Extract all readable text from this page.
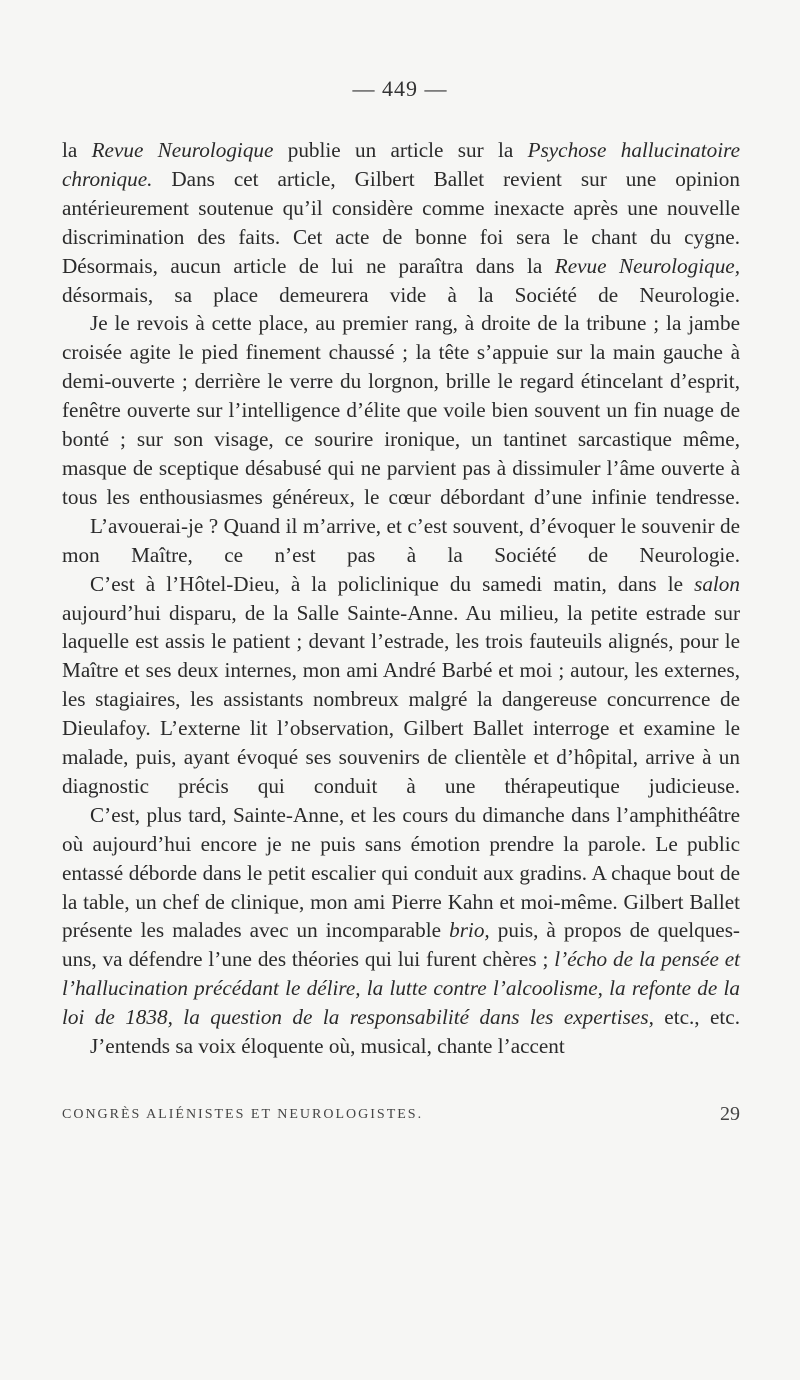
— 449 —

la Revue Neurologique publie un article sur la Psychose hallucinatoire chronique. Dans cet article, Gilbert Ballet revient sur une opinion antérieurement soutenue qu’il considère comme inexacte après une nouvelle discrimination des faits. Cet acte de bonne foi sera le chant du cygne. Désormais, aucun article de lui ne paraîtra dans la Revue Neurologique, désormais, sa place demeurera vide à la Société de Neurologie.

Je le revois à cette place, au premier rang, à droite de la tribune ; la jambe croisée agite le pied finement chaussé ; la tête s’appuie sur la main gauche à demi-ouverte ; derrière le verre du lorgnon, brille le regard étincelant d’esprit, fenêtre ouverte sur l’intelligence d’élite que voile bien souvent un fin nuage de bonté ; sur son visage, ce sourire ironique, un tantinet sarcastique même, masque de sceptique désabusé qui ne parvient pas à dissimuler l’âme ouverte à tous les enthousiasmes généreux, le cœur débordant d’une infinie tendresse.

L’avouerai-je ? Quand il m’arrive, et c’est souvent, d’évoquer le souvenir de mon Maître, ce n’est pas à la Société de Neurologie.

C’est à l’Hôtel-Dieu, à la policlinique du samedi matin, dans le salon aujourd’hui disparu, de la Salle Sainte-Anne. Au milieu, la petite estrade sur laquelle est assis le patient ; devant l’estrade, les trois fauteuils alignés, pour le Maître et ses deux internes, mon ami André Barbé et moi ; autour, les externes, les stagiaires, les assistants nombreux malgré la dangereuse concurrence de Dieulafoy. L’externe lit l’observation, Gilbert Ballet interroge et examine le malade, puis, ayant évoqué ses souvenirs de clientèle et d’hôpital, arrive à un diagnostic précis qui conduit à une thérapeutique judicieuse.

C’est, plus tard, Sainte-Anne, et les cours du dimanche dans l’amphithéâtre où aujourd’hui encore je ne puis sans émotion prendre la parole. Le public entassé déborde dans le petit escalier qui conduit aux gradins. A chaque bout de la table, un chef de clinique, mon ami Pierre Kahn et moi-même. Gilbert Ballet présente les malades avec un incomparable brio, puis, à propos de quelques-uns, va défendre l’une des théories qui lui furent chères ; l’écho de la pensée et l’hallucination précédant le délire, la lutte contre l’alcoolisme, la refonte de la loi de 1838, la question de la responsabilité dans les expertises, etc., etc.

J’entends sa voix éloquente où, musical, chante l’accent

CONGRÈS ALIÉNISTES ET NEUROLOGISTES.	29
